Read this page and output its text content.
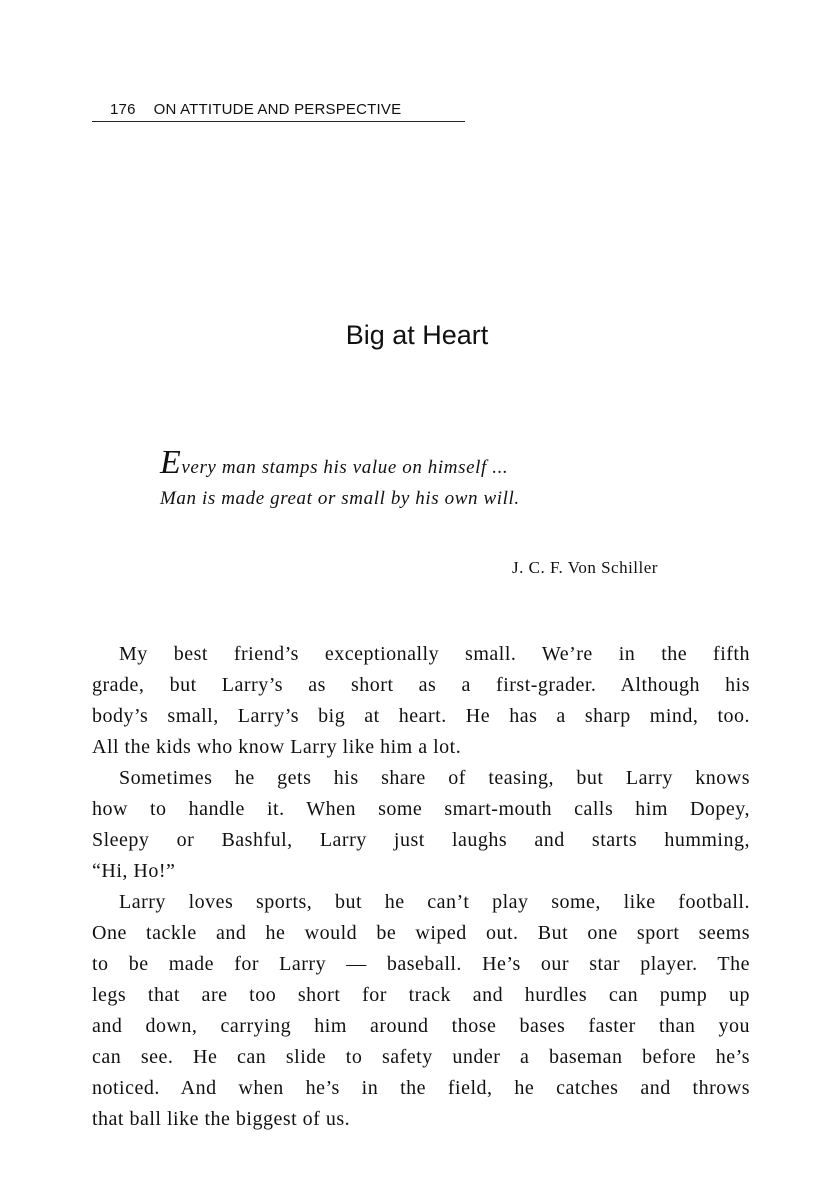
176 ON ATTITUDE AND PERSPECTIVE
Big at Heart
Every man stamps his value on himself ...
Man is made great or small by his own will.
J. C. F. Von Schiller
My best friend’s exceptionally small. We’re in the fifth
grade, but Larry’s as short as a first-grader. Although his
body’s small, Larry’s big at heart. He has a sharp mind, too.
All the kids who know Larry like him a lot.
Sometimes he gets his share of teasing, but Larry knows
how to handle it. When some smart-mouth calls him Dopey,
Sleepy or Bashful, Larry just laughs and starts humming,
“Hi, Ho!”
Larry loves sports, but he can’t play some, like football.
One tackle and he would be wiped out. But one sport seems
to be made for Larry — baseball. He’s our star player. The
legs that are too short for track and hurdles can pump up
and down, carrying him around those bases faster than you
can see. He can slide to safety under a baseman before he’s
noticed. And when he’s in the field, he catches and throws
that ball like the biggest of us.
